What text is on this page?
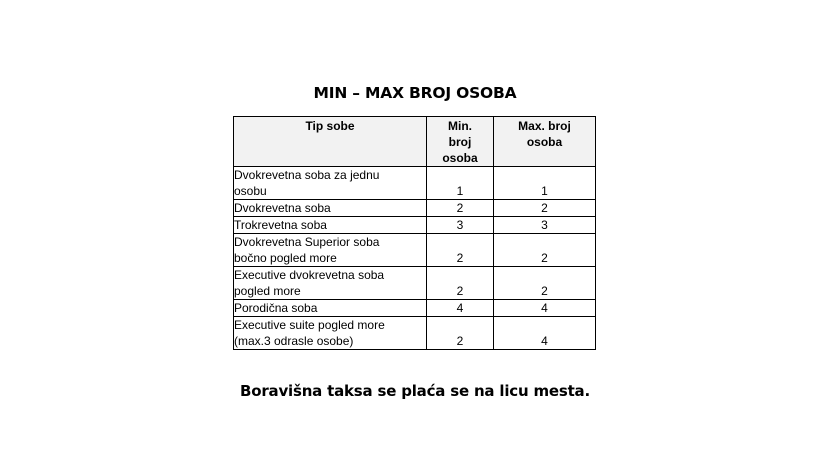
MIN – MAX BROJ OSOBA
Tip sobe	Min. broj osoba	Max. broj osoba

Dvokrevetna soba za jednu osobu	1	1
Dvokrevetna soba	2	2
Trokrevetna soba	3	3

Dvokrevetna Superior soba bočno pogled more	2	2

Executive dvokrevetna soba pogled more	2	2
Porodična soba	4	4

Executive suite pogled more (max.3 odrasle osobe)	2	4
Boravišna taksa se plaća se na licu mesta.
